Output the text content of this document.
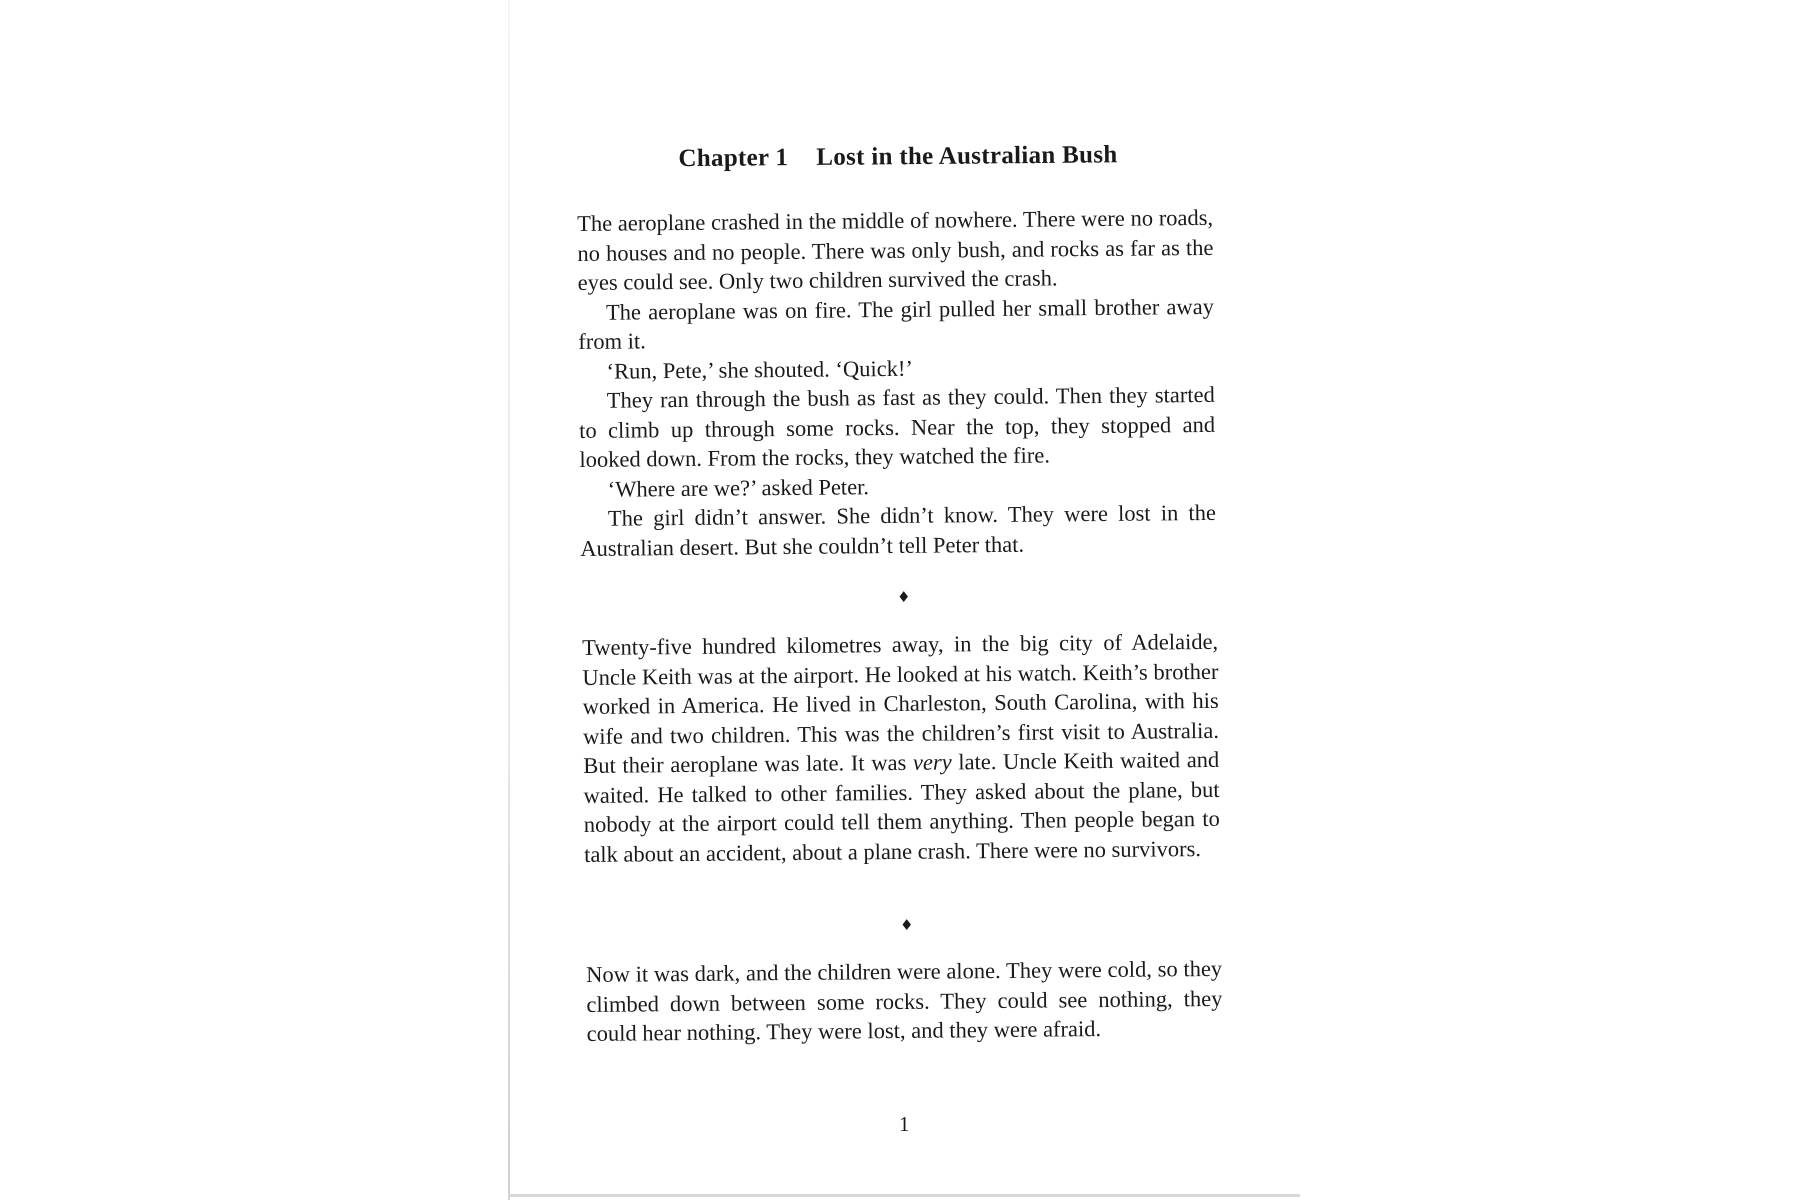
Chapter 1 Lost in the Australian Bush

The aeroplane crashed in the middle of nowhere. There were no roads, no houses and no people. There was only bush, and rocks as far as the eyes could see. Only two children survived the crash.

The aeroplane was on fire. The girl pulled her small brother away from it.

‘Run, Pete,’ she shouted. ‘Quick!’

They ran through the bush as fast as they could. Then they started to climb up through some rocks. Near the top, they stopped and looked down. From the rocks, they watched the fire.

‘Where are we?’ asked Peter.

The girl didn’t answer. She didn’t know. They were lost in the Australian desert. But she couldn’t tell Peter that.

♦

Twenty-five hundred kilometres away, in the big city of Adelaide, Uncle Keith was at the airport. He looked at his watch. Keith’s brother worked in America. He lived in Charleston, South Carolina, with his wife and two children. This was the children’s first visit to Australia. But their aeroplane was late. It was very late. Uncle Keith waited and waited. He talked to other families. They asked about the plane, but nobody at the airport could tell them anything. Then people began to talk about an accident, about a plane crash. There were no survivors.

♦

Now it was dark, and the children were alone. They were cold, so they climbed down between some rocks. They could see nothing, they could hear nothing. They were lost, and they were afraid.

1
